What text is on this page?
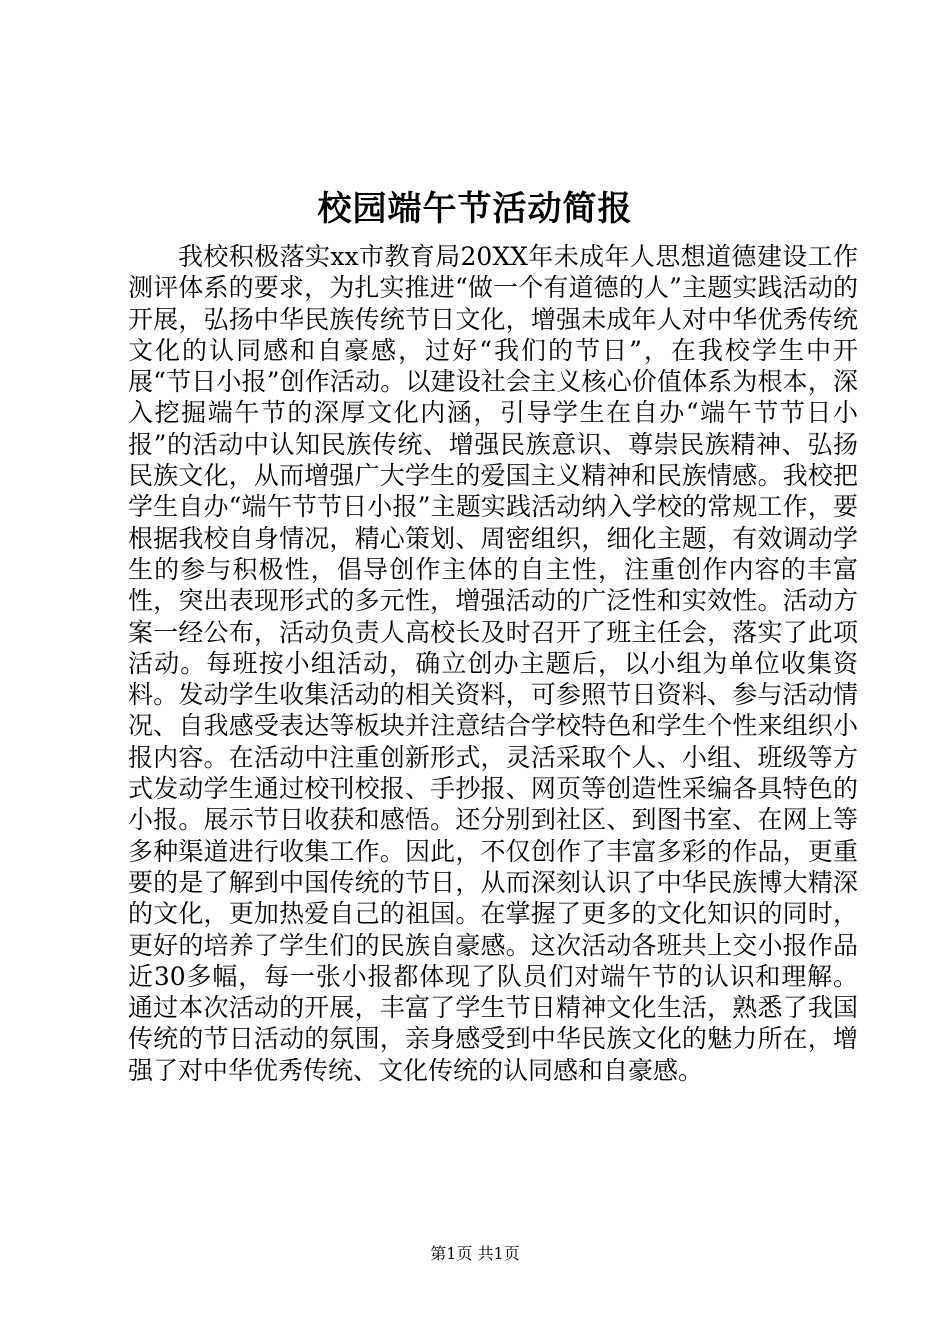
校园端午节活动简报

我校积极落实xx市教育局20XX年未成年人思想道德建设工作测评体系的要求，为扎实推进“做一个有道德的人”主题实践活动的开展，弘扬中华民族传统节日文化，增强未成年人对中华优秀传统文化的认同感和自豪感，过好“我们的节日”，在我校学生中开展“节日小报”创作活动。以建设社会主义核心价值体系为根本，深入挖掘端午节的深厚文化内涵，引导学生在自办“端午节节日小报”的活动中认知民族传统、增强民族意识、尊崇民族精神、弘扬民族文化，从而增强广大学生的爱国主义精神和民族情感。我校把学生自办“端午节节日小报”主题实践活动纳入学校的常规工作，要根据我校自身情况，精心策划、周密组织，细化主题，有效调动学生的参与积极性，倡导创作主体的自主性，注重创作内容的丰富性，突出表现形式的多元性，增强活动的广泛性和实效性。活动方案一经公布，活动负责人高校长及时召开了班主任会，落实了此项活动。每班按小组活动，确立创办主题后，以小组为单位收集资料。发动学生收集活动的相关资料，可参照节日资料、参与活动情况、自我感受表达等板块并注意结合学校特色和学生个性来组织小报内容。在活动中注重创新形式，灵活采取个人、小组、班级等方式发动学生通过校刊校报、手抄报、网页等创造性采编各具特色的小报。展示节日收获和感悟。还分别到社区、到图书室、在网上等多种渠道进行收集工作。因此，不仅创作了丰富多彩的作品，更重要的是了解到中国传统的节日，从而深刻认识了中华民族博大精深的文化，更加热爱自己的祖国。在掌握了更多的文化知识的同时，更好的培养了学生们的民族自豪感。这次活动各班共上交小报作品近30多幅，每一张小报都体现了队员们对端午节的认识和理解。通过本次活动的开展，丰富了学生节日精神文化生活，熟悉了我国传统的节日活动的氛围，亲身感受到中华民族文化的魅力所在，增强了对中华优秀传统、文化传统的认同感和自豪感。

第1页 共1页
